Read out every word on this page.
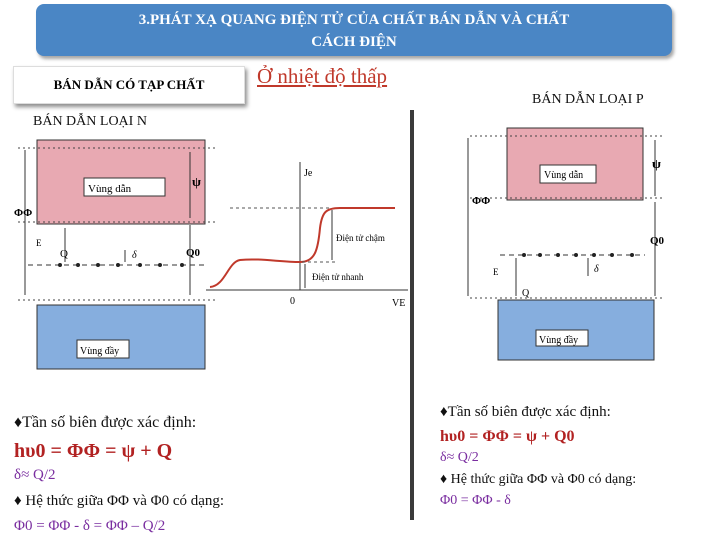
3.PHÁT XẠ QUANG ĐIỆN TỬ CỦA CHẤT BÁN DẪN VÀ CHẤT
CÁCH ĐIỆN
BÁN DẪN CÓ TẠP CHẤT	Ở nhiệt độ thấp
BÁN DẪN LOẠI P
BÁN DẪN LOẠI N
Vùng dẫn
Vùng đầy
ΦΦ
ψ
Q0
Q	δ
E
Je
VE
0
Điện tử chậm
Điện tử nhanh
Vùng dẫn
Vùng đầy
ΦΦ
ψ
Q0
Q
δ
E
♦Tần số biên được xác định:
hυ0 = ΦΦ = ψ + Q
δ≈ Q/2
♦ Hệ thức giữa ΦΦ và Φ0 có dạng:
Φ0 = ΦΦ - δ = ΦΦ – Q/2
♦Tần số biên được xác định:
hυ0 = ΦΦ = ψ + Q0
δ≈ Q/2
♦ Hệ thức giữa ΦΦ và Φ0 có dạng:
Φ0 = ΦΦ - δ
